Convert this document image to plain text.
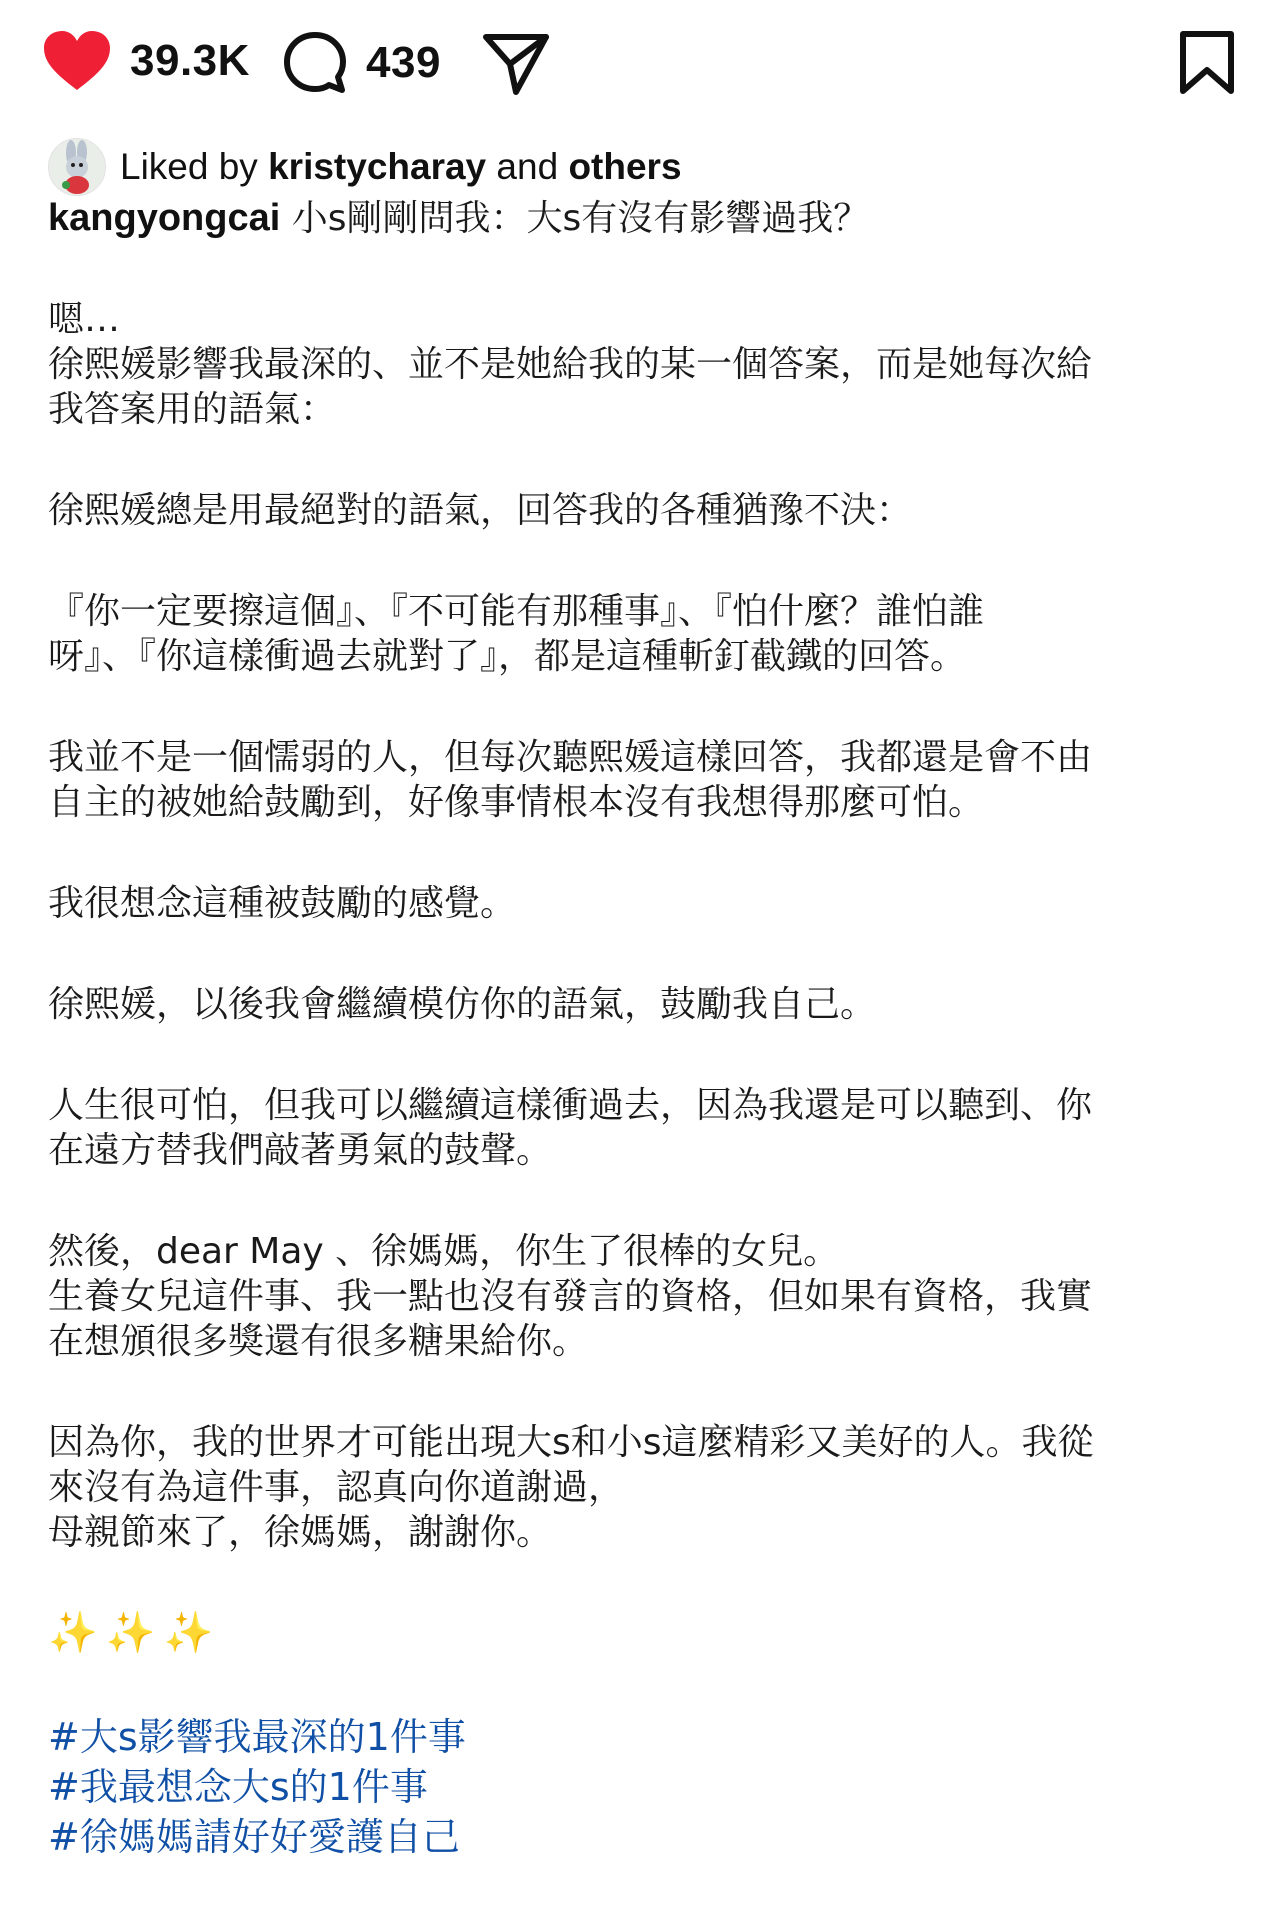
39.3K	439
Liked by kristycharay and others
kangyongcai 小s剛剛問我：大s有沒有影響過我？
嗯…
徐熙媛影響我最深的、並不是她給我的某一個答案，而是她每次給
我答案用的語氣：
徐熙媛總是用最絕對的語氣，回答我的各種猶豫不決：
『你一定要擦這個』、『不可能有那種事』、『怕什麼？誰怕誰
呀』、『你這樣衝過去就對了』，都是這種斬釘截鐵的回答。
我並不是一個懦弱的人，但每次聽熙媛這樣回答，我都還是會不由
自主的被她給鼓勵到，好像事情根本沒有我想得那麼可怕。
我很想念這種被鼓勵的感覺。
徐熙媛，以後我會繼續模仿你的語氣，鼓勵我自己。
人生很可怕，但我可以繼續這樣衝過去，因為我還是可以聽到、你
在遠方替我們敲著勇氣的鼓聲。
然後，dear May 、徐媽媽，你生了很棒的女兒。
生養女兒這件事、我一點也沒有發言的資格，但如果有資格，我實
在想頒很多獎還有很多糖果給你。
因為你，我的世界才可能出現大s和小s這麼精彩又美好的人。我從
來沒有為這件事，認真向你道謝過，
母親節來了，徐媽媽，謝謝你。
✨✨✨
#大s影響我最深的1件事
#我最想念大s的1件事
#徐媽媽請好好愛護自己
